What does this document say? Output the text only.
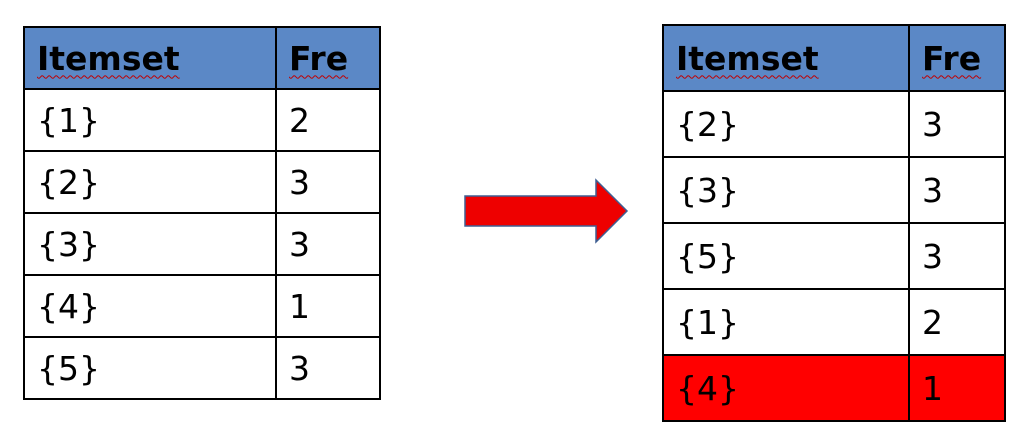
Itemset	Fre
{1}	2
{2}	3
{3}	3
{4}	1
{5}	3
Itemset	Fre
{2}	3
{3}	3
{5}	3
{1}	2
{4}	1
